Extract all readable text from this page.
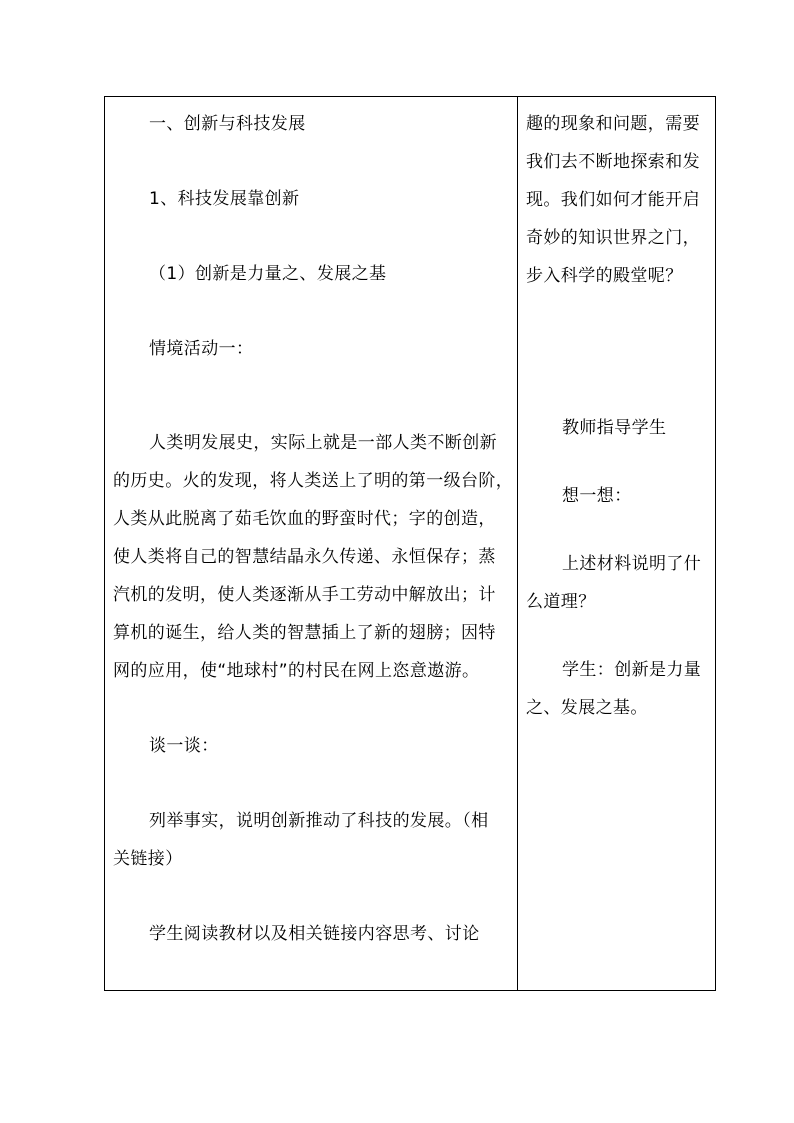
一、创新与科技发展
1、科技发展靠创新
（1）创新是力量之、发展之基
情境活动一：
人类明发展史，实际上就是一部人类不断创新
的历史。火的发现，将人类送上了明的第一级台阶，
人类从此脱离了茹毛饮血的野蛮时代；字的创造，
使人类将自己的智慧结晶永久传递、永恒保存；蒸
汽机的发明，使人类逐渐从手工劳动中解放出；计
算机的诞生，给人类的智慧插上了新的翅膀；因特
网的应用，使“地球村”的村民在网上恣意遨游。
谈一谈：
列举事实，说明创新推动了科技的发展。（相
关链接）
学生阅读教材以及相关链接内容思考、讨论
趣的现象和问题，需要
我们去不断地探索和发
现。我们如何才能开启
奇妙的知识世界之门，
步入科学的殿堂呢？
教师指导学生
想一想：
上述材料说明了什
么道理？
学生：创新是力量
之、发展之基。
